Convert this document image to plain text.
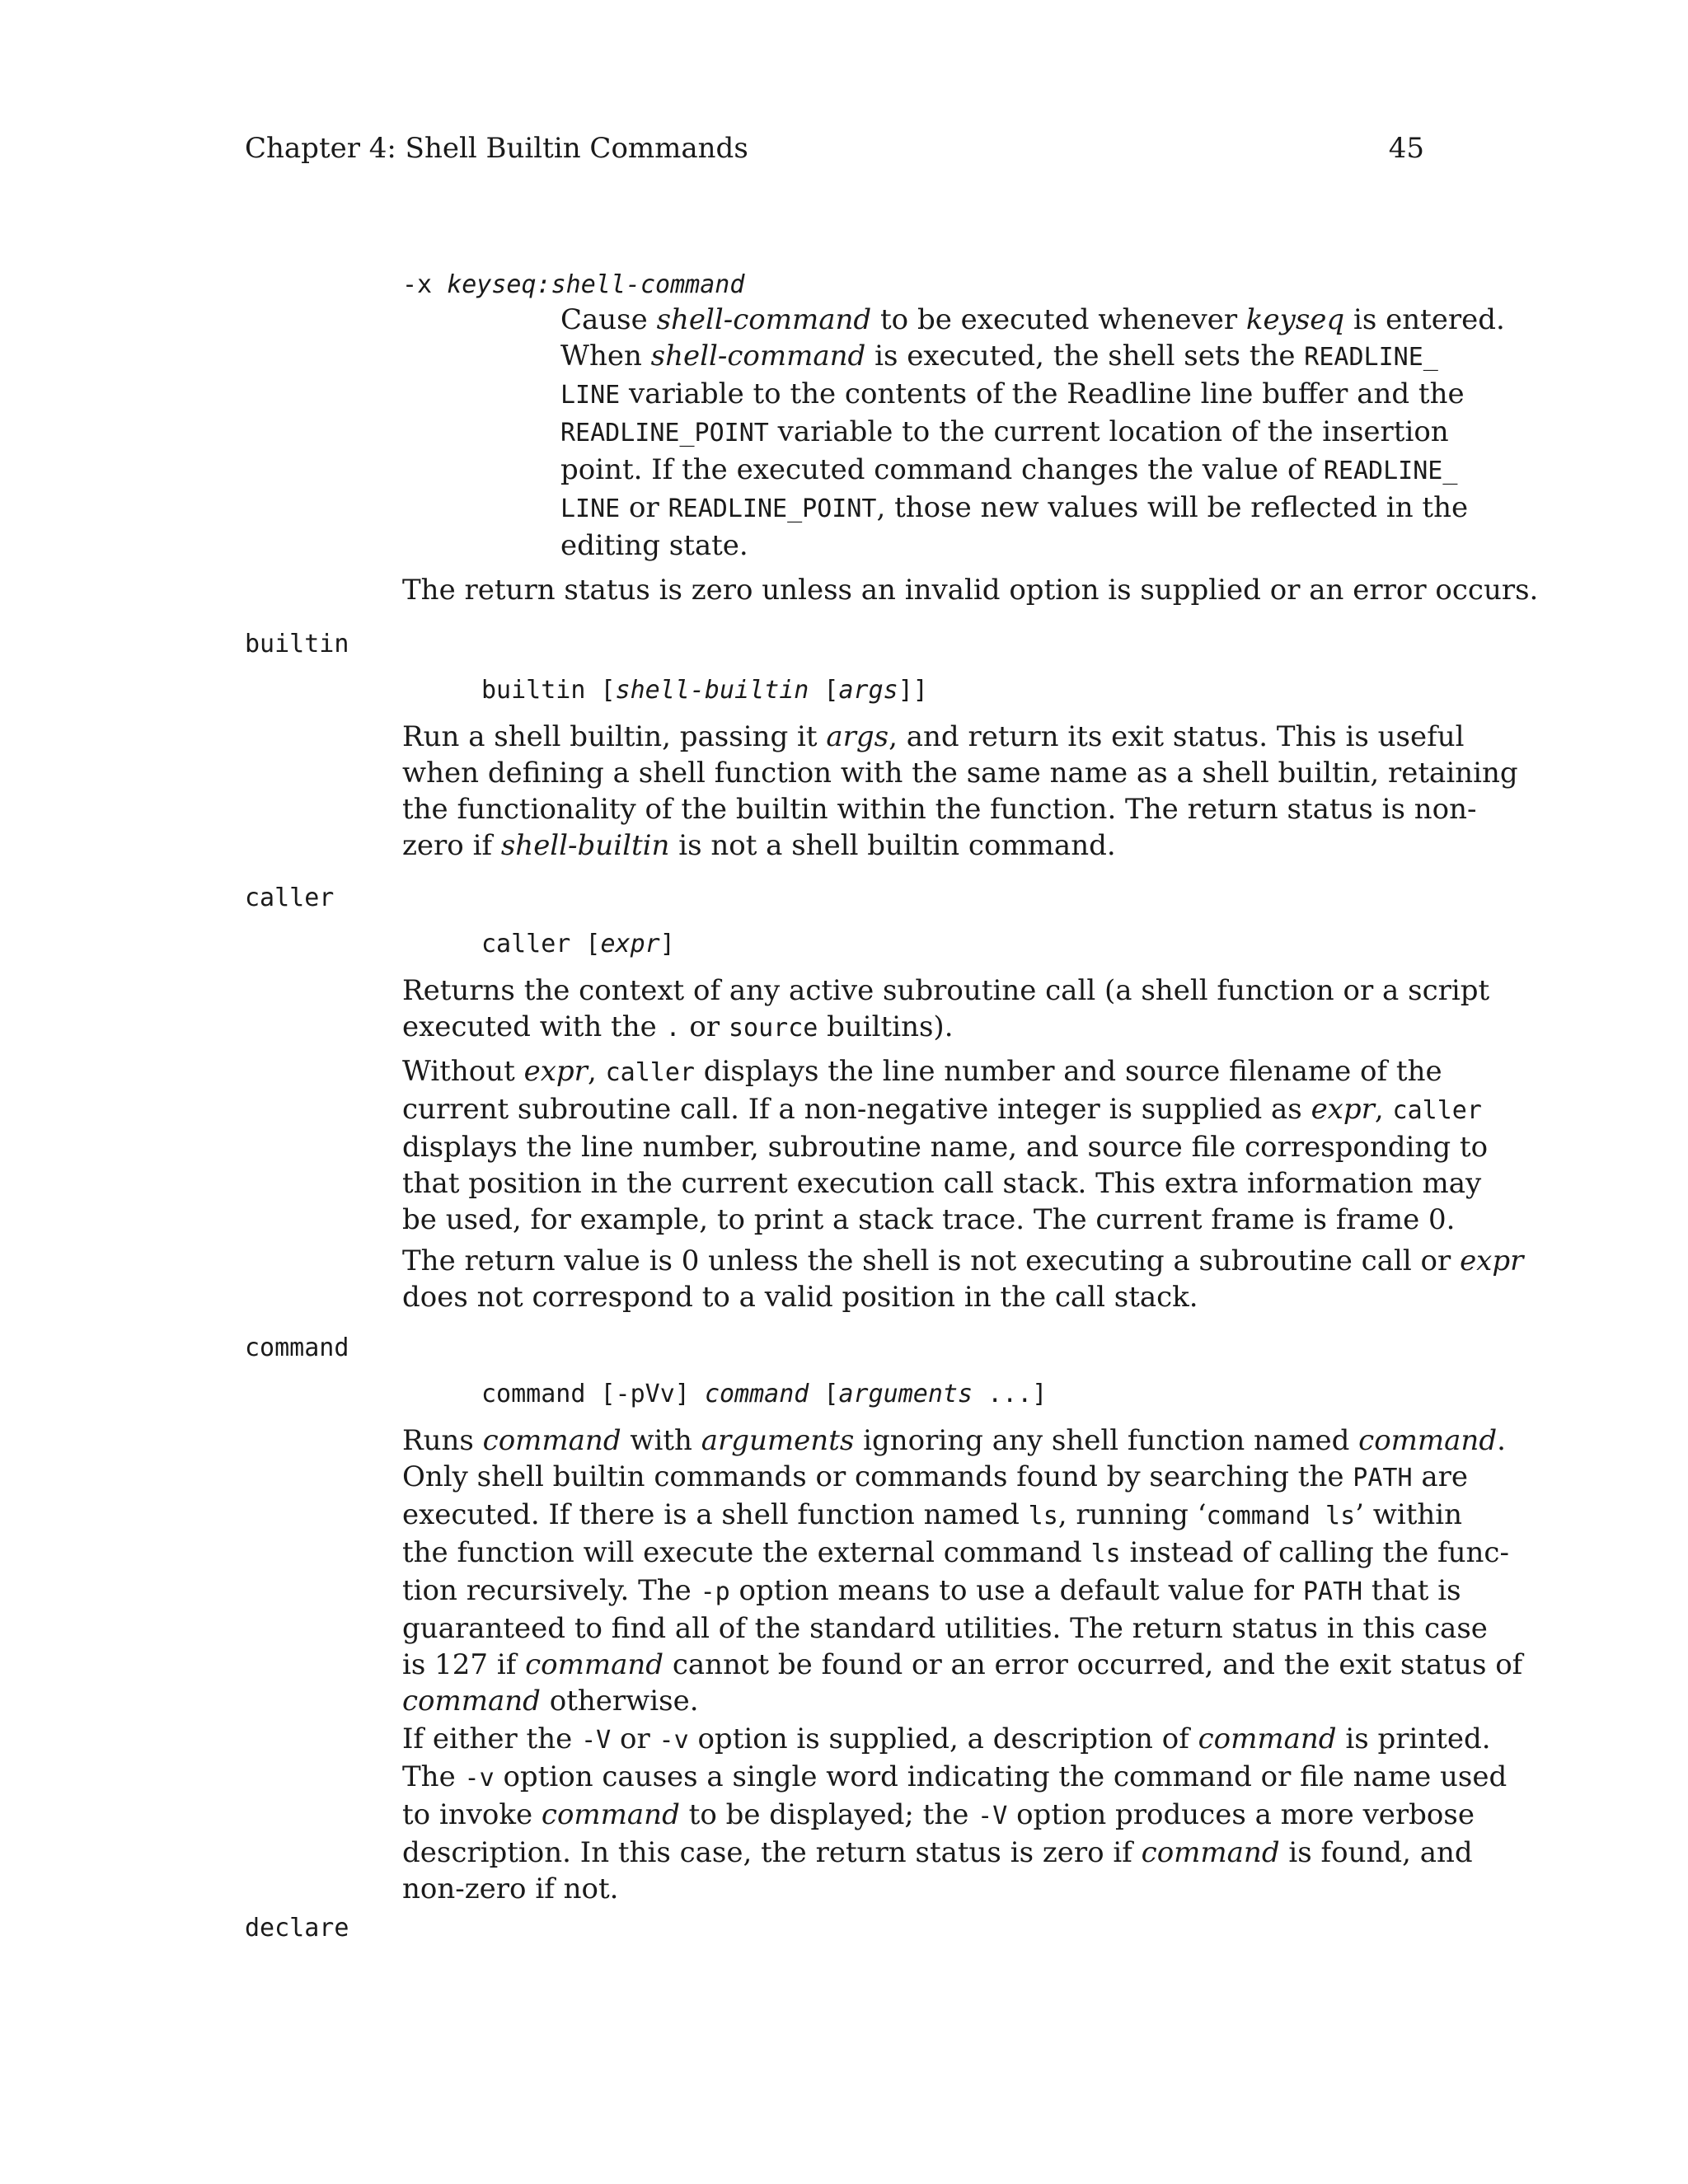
Chapter 4: Shell Builtin Commands	45
-x keyseq:shell-command
Cause shell-command to be executed whenever keyseq is entered.
When shell-command is executed, the shell sets the READLINE_
LINE variable to the contents of the Readline line buffer and the
READLINE_POINT variable to the current location of the insertion
point. If the executed command changes the value of READLINE_
LINE or READLINE_POINT, those new values will be reflected in the
editing state.
The return status is zero unless an invalid option is supplied or an error occurs.
builtin
builtin [shell-builtin [args]]
Run a shell builtin, passing it args, and return its exit status. This is useful
when defining a shell function with the same name as a shell builtin, retaining
the functionality of the builtin within the function. The return status is non-
zero if shell-builtin is not a shell builtin command.
caller
caller [expr]
Returns the context of any active subroutine call (a shell function or a script
executed with the . or source builtins).
Without expr, caller displays the line number and source filename of the
current subroutine call. If a non-negative integer is supplied as expr, caller
displays the line number, subroutine name, and source file corresponding to
that position in the current execution call stack. This extra information may
be used, for example, to print a stack trace. The current frame is frame 0.
The return value is 0 unless the shell is not executing a subroutine call or expr
does not correspond to a valid position in the call stack.
command
command [-pVv] command [arguments ...]
Runs command with arguments ignoring any shell function named command.
Only shell builtin commands or commands found by searching the PATH are
executed. If there is a shell function named ls, running ‘command ls’ within
the function will execute the external command ls instead of calling the func-
tion recursively. The -p option means to use a default value for PATH that is
guaranteed to find all of the standard utilities. The return status in this case
is 127 if command cannot be found or an error occurred, and the exit status of
command otherwise.
If either the -V or -v option is supplied, a description of command is printed.
The -v option causes a single word indicating the command or file name used
to invoke command to be displayed; the -V option produces a more verbose
description. In this case, the return status is zero if command is found, and
non-zero if not.
declare
